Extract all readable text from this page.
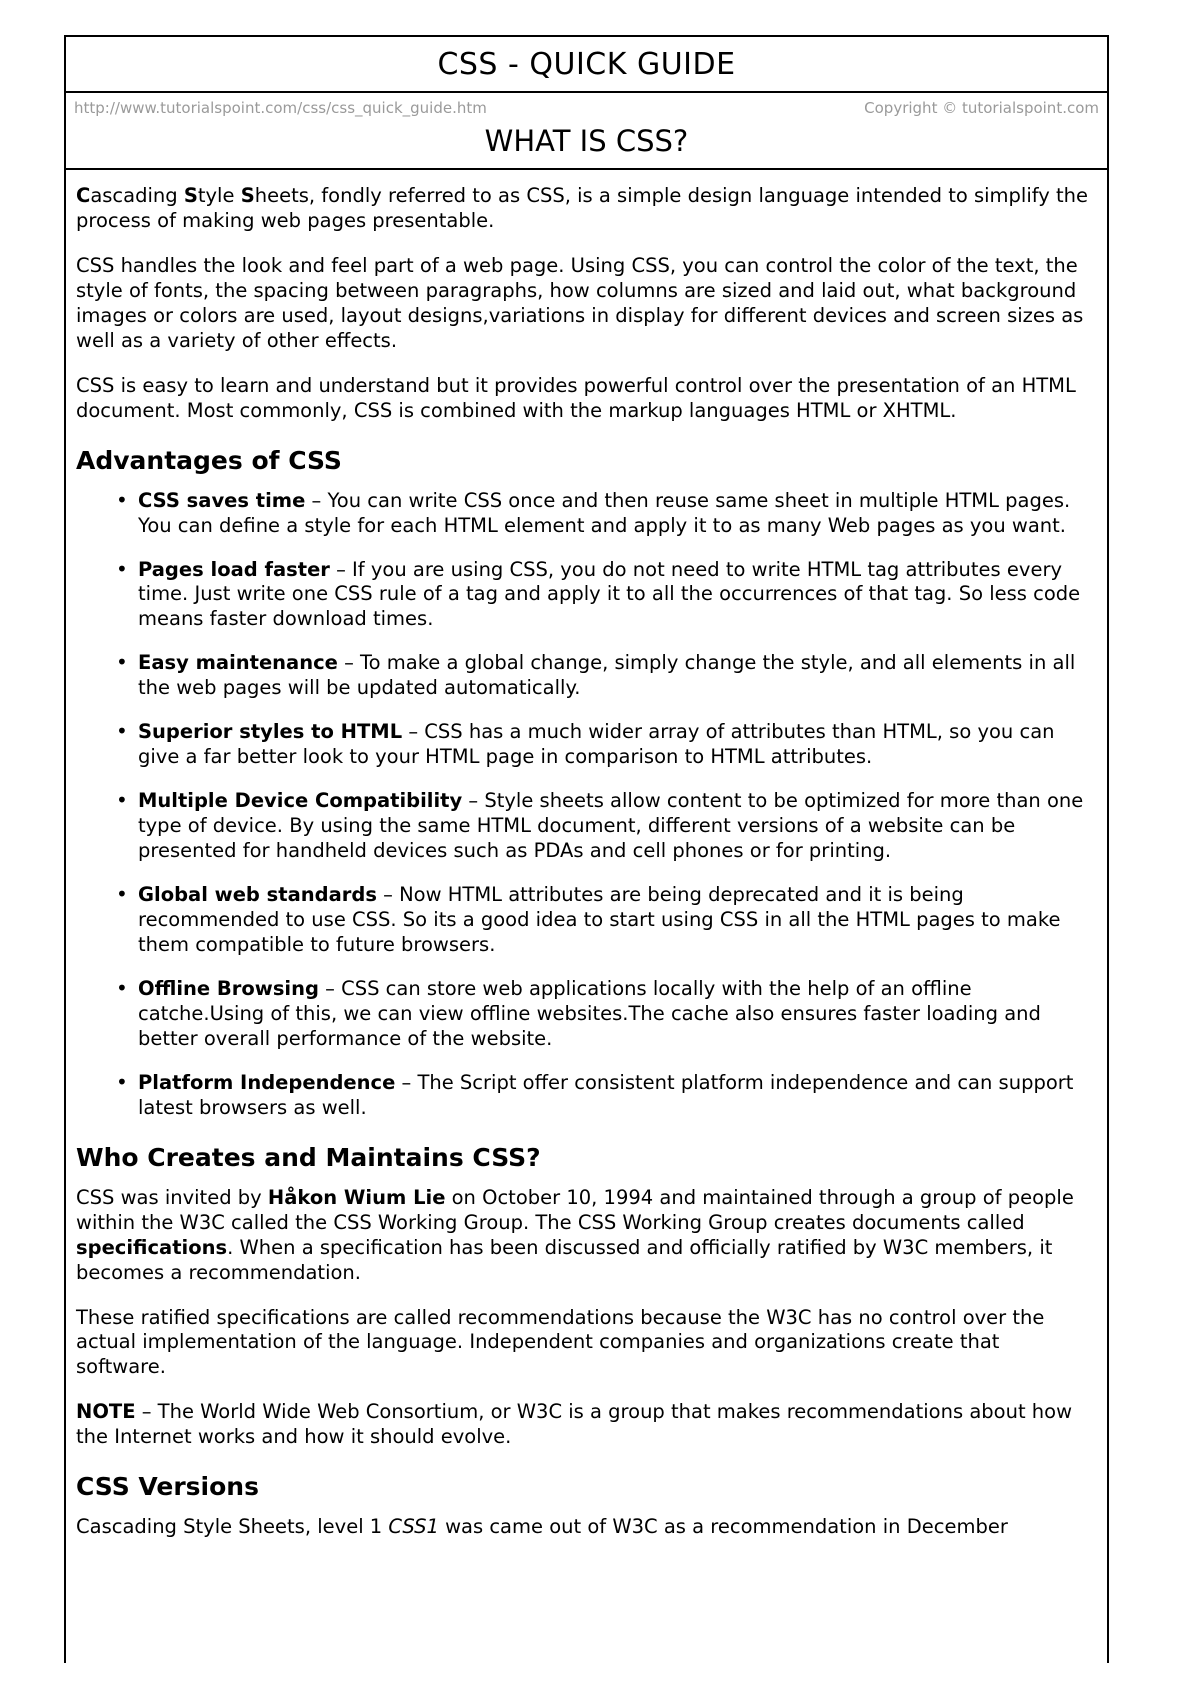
CSS - QUICK GUIDE
http://www.tutorialspoint.com/css/css_quick_guide.htm	Copyright © tutorialspoint.com
WHAT IS CSS?

Cascading Style Sheets, fondly referred to as CSS, is a simple design language intended to simplify the process of making web pages presentable.

CSS handles the look and feel part of a web page. Using CSS, you can control the color of the text, the style of fonts, the spacing between paragraphs, how columns are sized and laid out, what background images or colors are used, layout designs,variations in display for different devices and screen sizes as well as a variety of other effects.

CSS is easy to learn and understand but it provides powerful control over the presentation of an HTML document. Most commonly, CSS is combined with the markup languages HTML or XHTML.

Advantages of CSS
• CSS saves time – You can write CSS once and then reuse same sheet in multiple HTML pages. You can define a style for each HTML element and apply it to as many Web pages as you want.
• Pages load faster – If you are using CSS, you do not need to write HTML tag attributes every time. Just write one CSS rule of a tag and apply it to all the occurrences of that tag. So less code means faster download times.
• Easy maintenance – To make a global change, simply change the style, and all elements in all the web pages will be updated automatically.
• Superior styles to HTML – CSS has a much wider array of attributes than HTML, so you can give a far better look to your HTML page in comparison to HTML attributes.
• Multiple Device Compatibility – Style sheets allow content to be optimized for more than one type of device. By using the same HTML document, different versions of a website can be presented for handheld devices such as PDAs and cell phones or for printing.
• Global web standards – Now HTML attributes are being deprecated and it is being recommended to use CSS. So its a good idea to start using CSS in all the HTML pages to make them compatible to future browsers.
• Offline Browsing – CSS can store web applications locally with the help of an offline catche.Using of this, we can view offline websites.The cache also ensures faster loading and better overall performance of the website.
• Platform Independence – The Script offer consistent platform independence and can support latest browsers as well.
Who Creates and Maintains CSS?

CSS was invited by Håkon Wium Lie on October 10, 1994 and maintained through a group of people within the W3C called the CSS Working Group. The CSS Working Group creates documents called specifications. When a specification has been discussed and officially ratified by W3C members, it becomes a recommendation.

These ratified specifications are called recommendations because the W3C has no control over the actual implementation of the language. Independent companies and organizations create that software.

NOTE – The World Wide Web Consortium, or W3C is a group that makes recommendations about how the Internet works and how it should evolve.

CSS Versions

Cascading Style Sheets, level 1 CSS1 was came out of W3C as a recommendation in December
